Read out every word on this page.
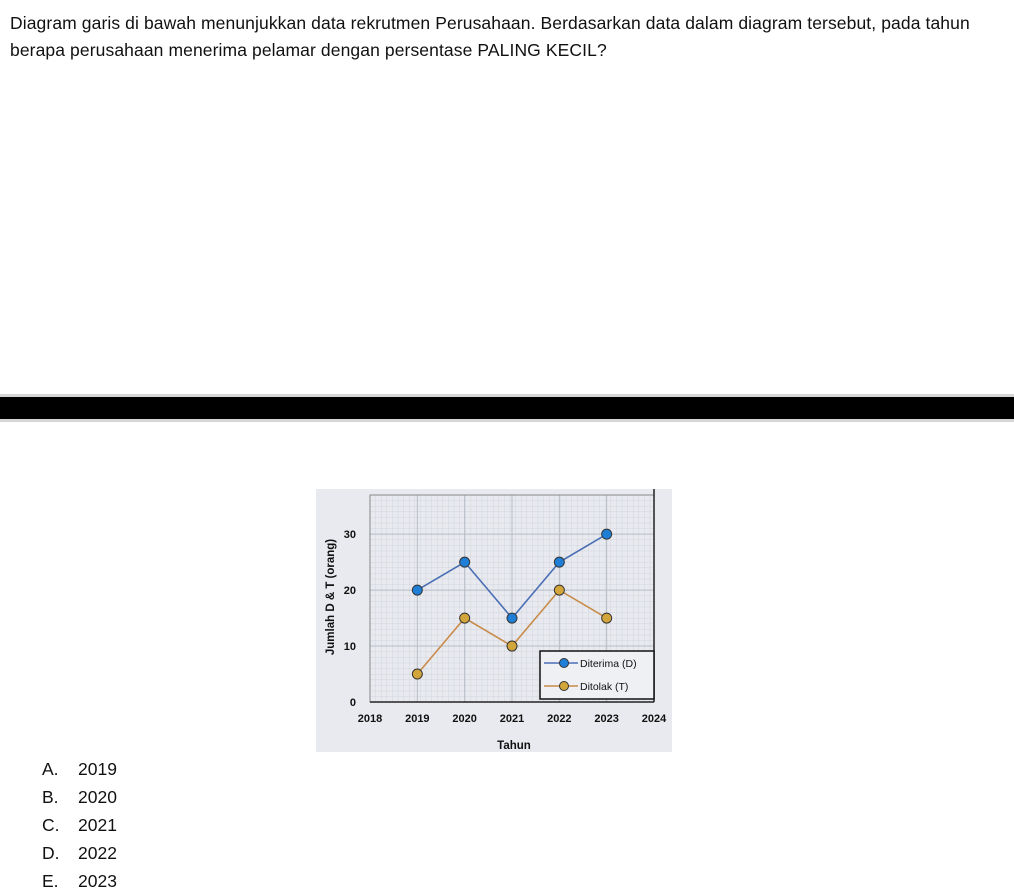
Diagram garis di bawah menunjukkan data rekrutmen Perusahaan. Berdasarkan data dalam diagram tersebut, pada tahun berapa perusahaan menerima pelamar dengan persentase PALING KECIL?
2018 2019 2020 2021 2022 2023 2024
0
10
20
30
Diterima (D)
Ditolak (T)
Tahun
Jumlah D & T (orang)
A.	2019
B.	2020
C.	2021
D.	2022
E.	2023
